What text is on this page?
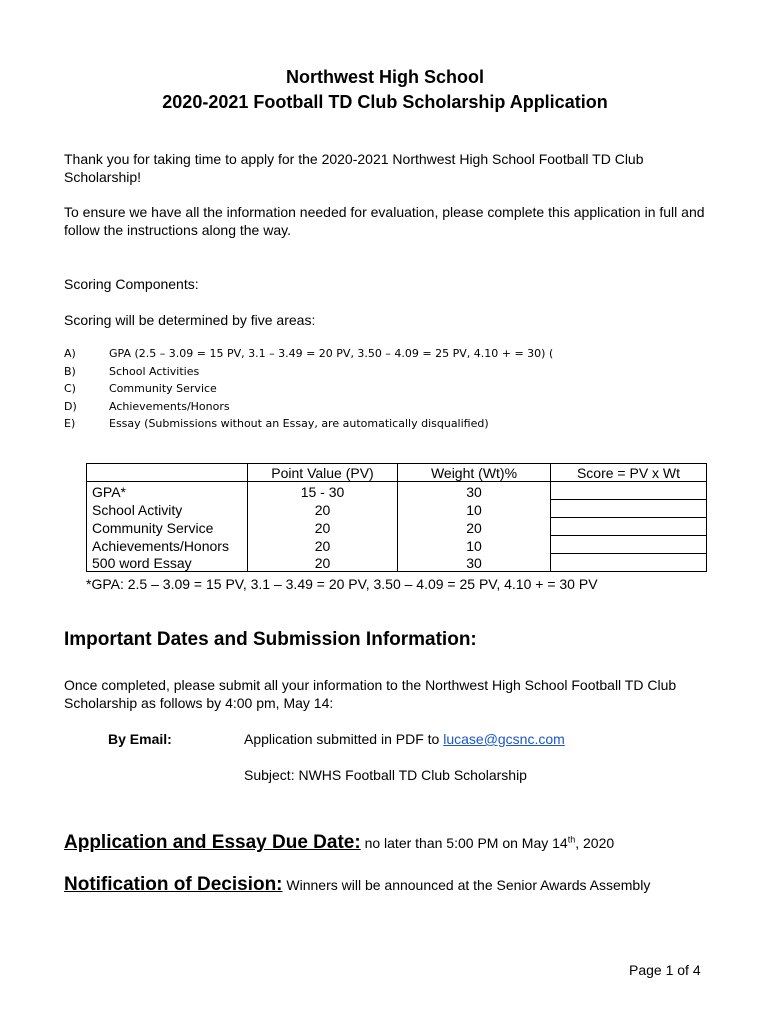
Northwest High School
2020-2021 Football TD Club Scholarship Application
Thank you for taking time to apply for the 2020-2021 Northwest High School Football TD Club Scholarship!
To ensure we have all the information needed for evaluation, please complete this application in full and follow the instructions along the way.
Scoring Components:
Scoring will be determined by five areas:
A)	GPA (2.5 – 3.09 = 15 PV, 3.1 – 3.49 = 20 PV, 3.50 – 4.09 = 25 PV, 4.10 + = 30) (
B)	School Activities
C)	Community Service
D)	Achievements/Honors
E)	Essay (Submissions without an Essay, are automatically disqualified)
	Point Value (PV)	Weight (Wt)%	Score = PV x Wt
GPA*	15 - 30	30	
School Activity	20	10	
Community Service	20	20	
Achievements/Honors	20	10	
500 word Essay	20	30	
*GPA: 2.5 – 3.09 = 15 PV, 3.1 – 3.49 = 20 PV, 3.50 – 4.09 = 25 PV, 4.10 + = 30 PV
Important Dates and Submission Information:
Once completed, please submit all your information to the Northwest High School Football TD Club Scholarship as follows by 4:00 pm, May 14:
By Email:	Application submitted in PDF to lucase@gcsnc.com
Subject: NWHS Football TD Club Scholarship
Application and Essay Due Date: no later than 5:00 PM on May 14th, 2020
Notification of Decision: Winners will be announced at the Senior Awards Assembly
Page 1 of 4
